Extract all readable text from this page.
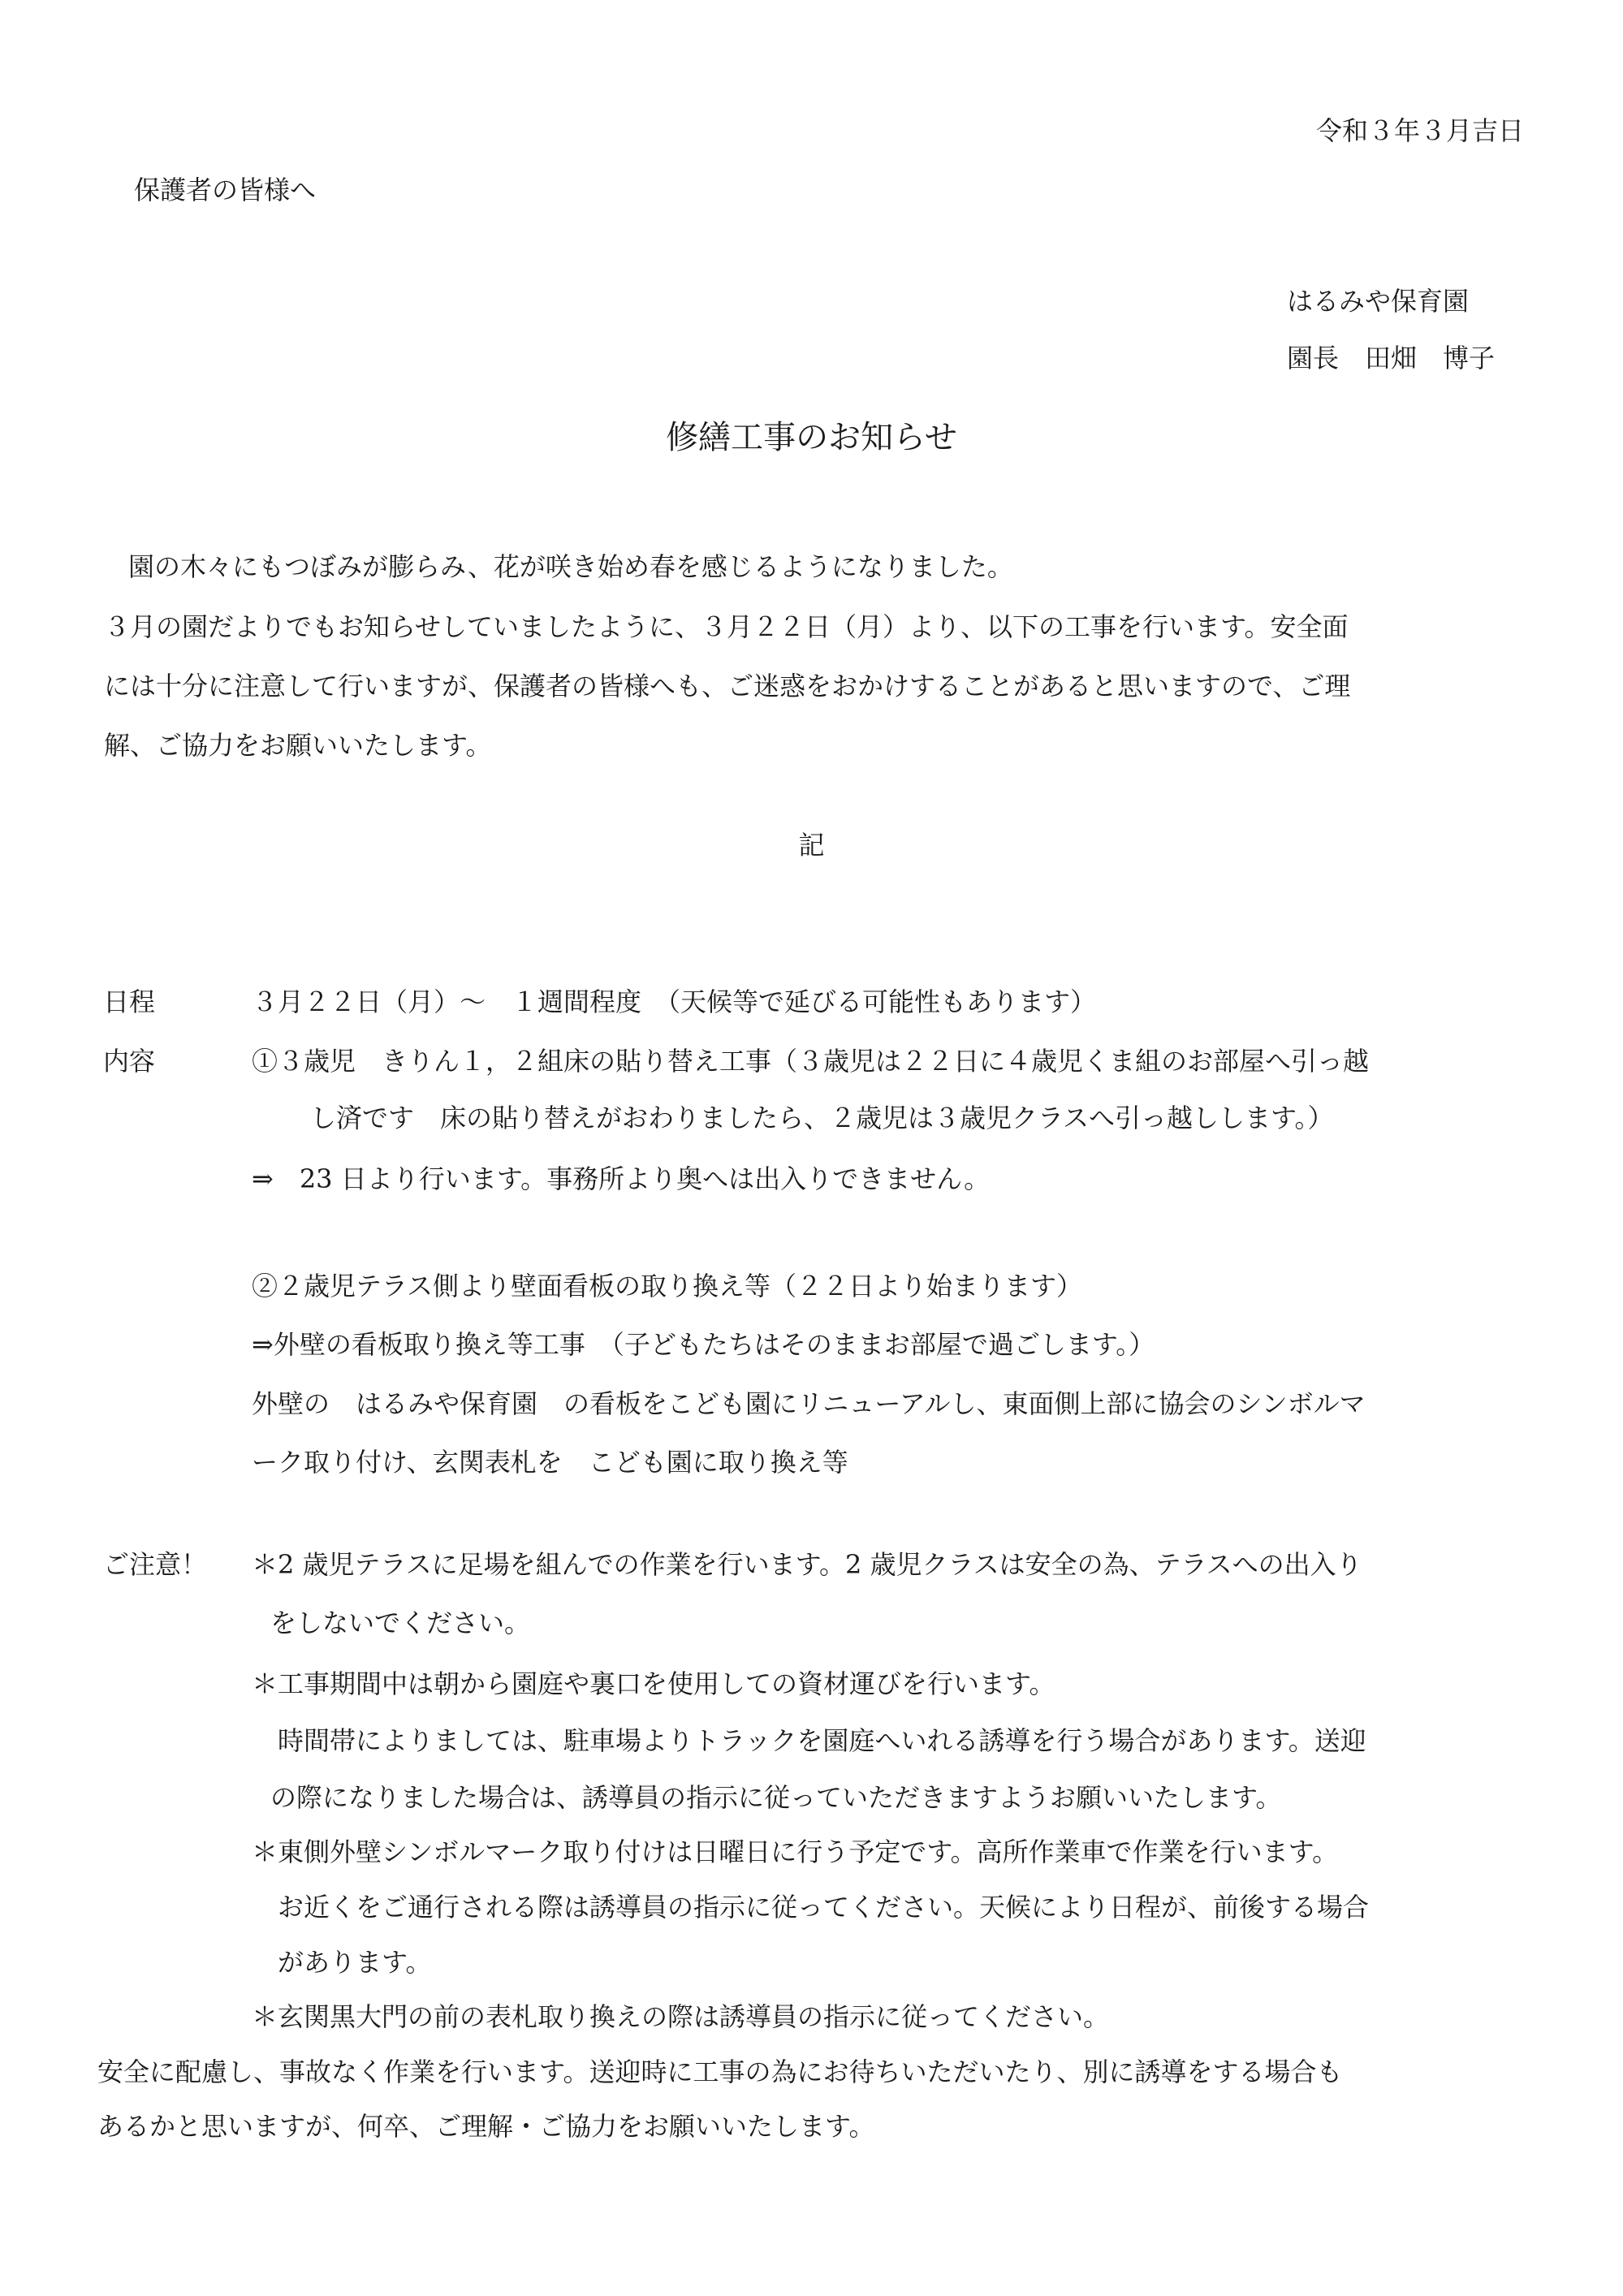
令和３年３月吉日
保護者の皆様へ
はるみや保育園
園長　田畑　博子
修繕工事のお知らせ
園の木々にもつぼみが膨らみ、花が咲き始め春を感じるようになりました。
３月の園だよりでもお知らせしていましたように、３月２２日（月）より、以下の工事を行います。安全面
には十分に注意して行いますが、保護者の皆様へも、ご迷惑をおかけすることがあると思いますので、ご理
解、ご協力をお願いいたします。
記
日程	３月２２日（月）～　１週間程度　（天候等で延びる可能性もあります）
内容	①３歳児　きりん１，２組床の貼り替え工事（３歳児は２２日に４歳児くま組のお部屋へ引っ越
し済です　床の貼り替えがおわりましたら、２歳児は３歳児クラスへ引っ越しします。）
⇒　23 日より行います。事務所より奥へは出入りできません。
②２歳児テラス側より壁面看板の取り換え等（２２日より始まります）
⇒外壁の看板取り換え等工事　（子どもたちはそのままお部屋で過ごします。）
外壁の　はるみや保育園　の看板をこども園にリニューアルし、東面側上部に協会のシンボルマ
ーク取り付け、玄関表札を　こども園に取り換え等
ご注意！ ＊2 歳児テラスに足場を組んでの作業を行います。2 歳児クラスは安全の為、テラスへの出入り
をしないでください。
＊工事期間中は朝から園庭や裏口を使用しての資材運びを行います。
時間帯によりましては、駐車場よりトラックを園庭へいれる誘導を行う場合があります。送迎
の際になりました場合は、誘導員の指示に従っていただきますようお願いいたします。
＊東側外壁シンボルマーク取り付けは日曜日に行う予定です。高所作業車で作業を行います。
お近くをご通行される際は誘導員の指示に従ってください。天候により日程が、前後する場合
があります。
＊玄関黒大門の前の表札取り換えの際は誘導員の指示に従ってください。
安全に配慮し、事故なく作業を行います。送迎時に工事の為にお待ちいただいたり、別に誘導をする場合も
あるかと思いますが、何卒、ご理解・ご協力をお願いいたします。
